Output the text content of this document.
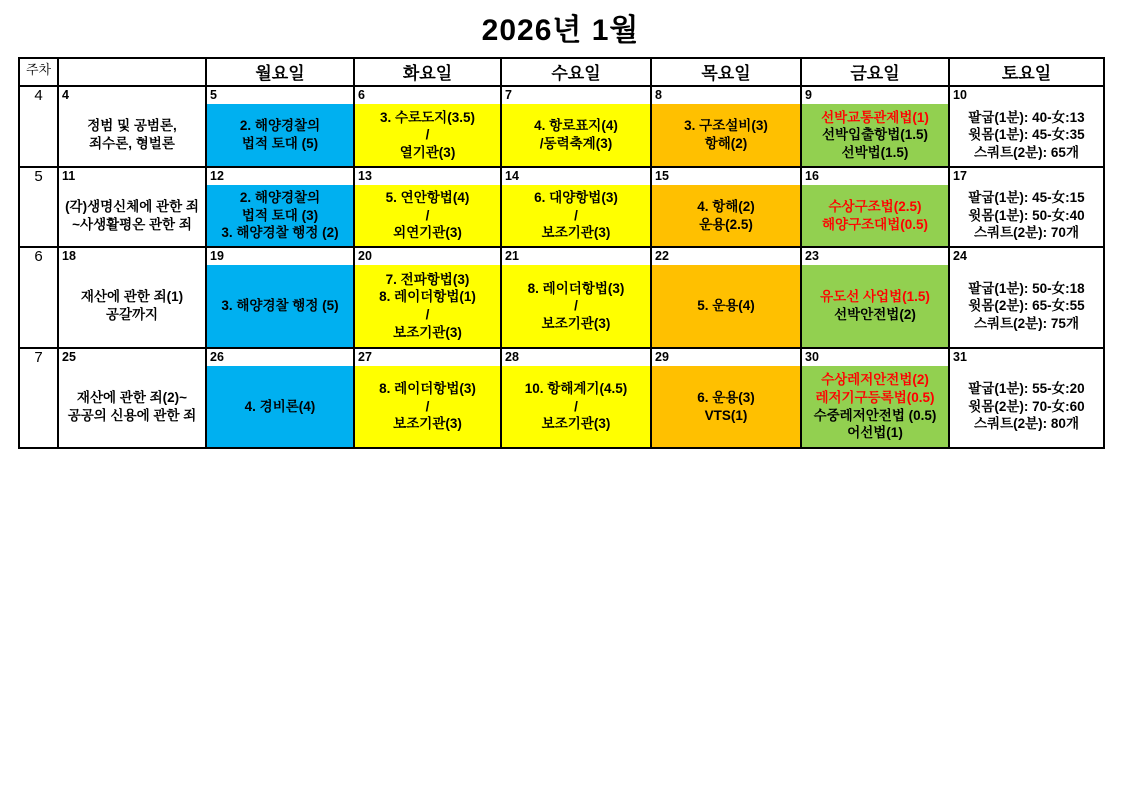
2026년 1월
주차		월요일	화요일	수요일	목요일	금요일	토요일
4	4
정범 및 공범론,
죄수론, 형벌론

5
2. 해양경찰의
법적 토대 (5)

6
3. 수로도지(3.5)
/
열기관(3)

7
4. 항로표지(4)
/동력축계(3)

8
3. 구조설비(3)
항해(2)

9
선박교통관제법(1)
선박입출항법(1.5)
선박법(1.5)

10
팔굽(1분): 40-女:13
윗몸(1분): 45-女:35
스쿼트(2분): 65개

5	11
(각)생명신체에 관한 죄
~사생활평온 관한 죄

12
2. 해양경찰의
법적 토대 (3)
3. 해양경찰 행정 (2)

13
5. 연안항법(4)
/
외연기관(3)

14
6. 대양항법(3)
/
보조기관(3)

15
4. 항해(2)
운용(2.5)

16
수상구조법(2.5)
해양구조대법(0.5)

17
팔굽(1분): 45-女:15
윗몸(1분): 50-女:40
스쿼트(2분): 70개

6	18
재산에 관한 죄(1)
공갈까지

19
3. 해양경찰 행정 (5)

20
7. 전파항법(3)
8. 레이더항법(1)
/
보조기관(3)

21
8. 레이더항법(3)
/
보조기관(3)

22
5. 운용(4)

23
유도선 사업법(1.5)
선박안전법(2)

24
팔굽(1분): 50-女:18
윗몸(2분): 65-女:55
스쿼트(2분): 75개

7	25
재산에 관한 죄(2)~
공공의 신용에 관한 죄

26
4. 경비론(4)

27
8. 레이더항법(3)
/
보조기관(3)

28
10. 항해계기(4.5)
/
보조기관(3)

29
6. 운용(3)
VTS(1)

30
수상레저안전법(2)
레저기구등록법(0.5)
수중레저안전법 (0.5)
어선법(1)

31
팔굽(1분): 55-女:20
윗몸(2분): 70-女:60
스쿼트(2분): 80개
